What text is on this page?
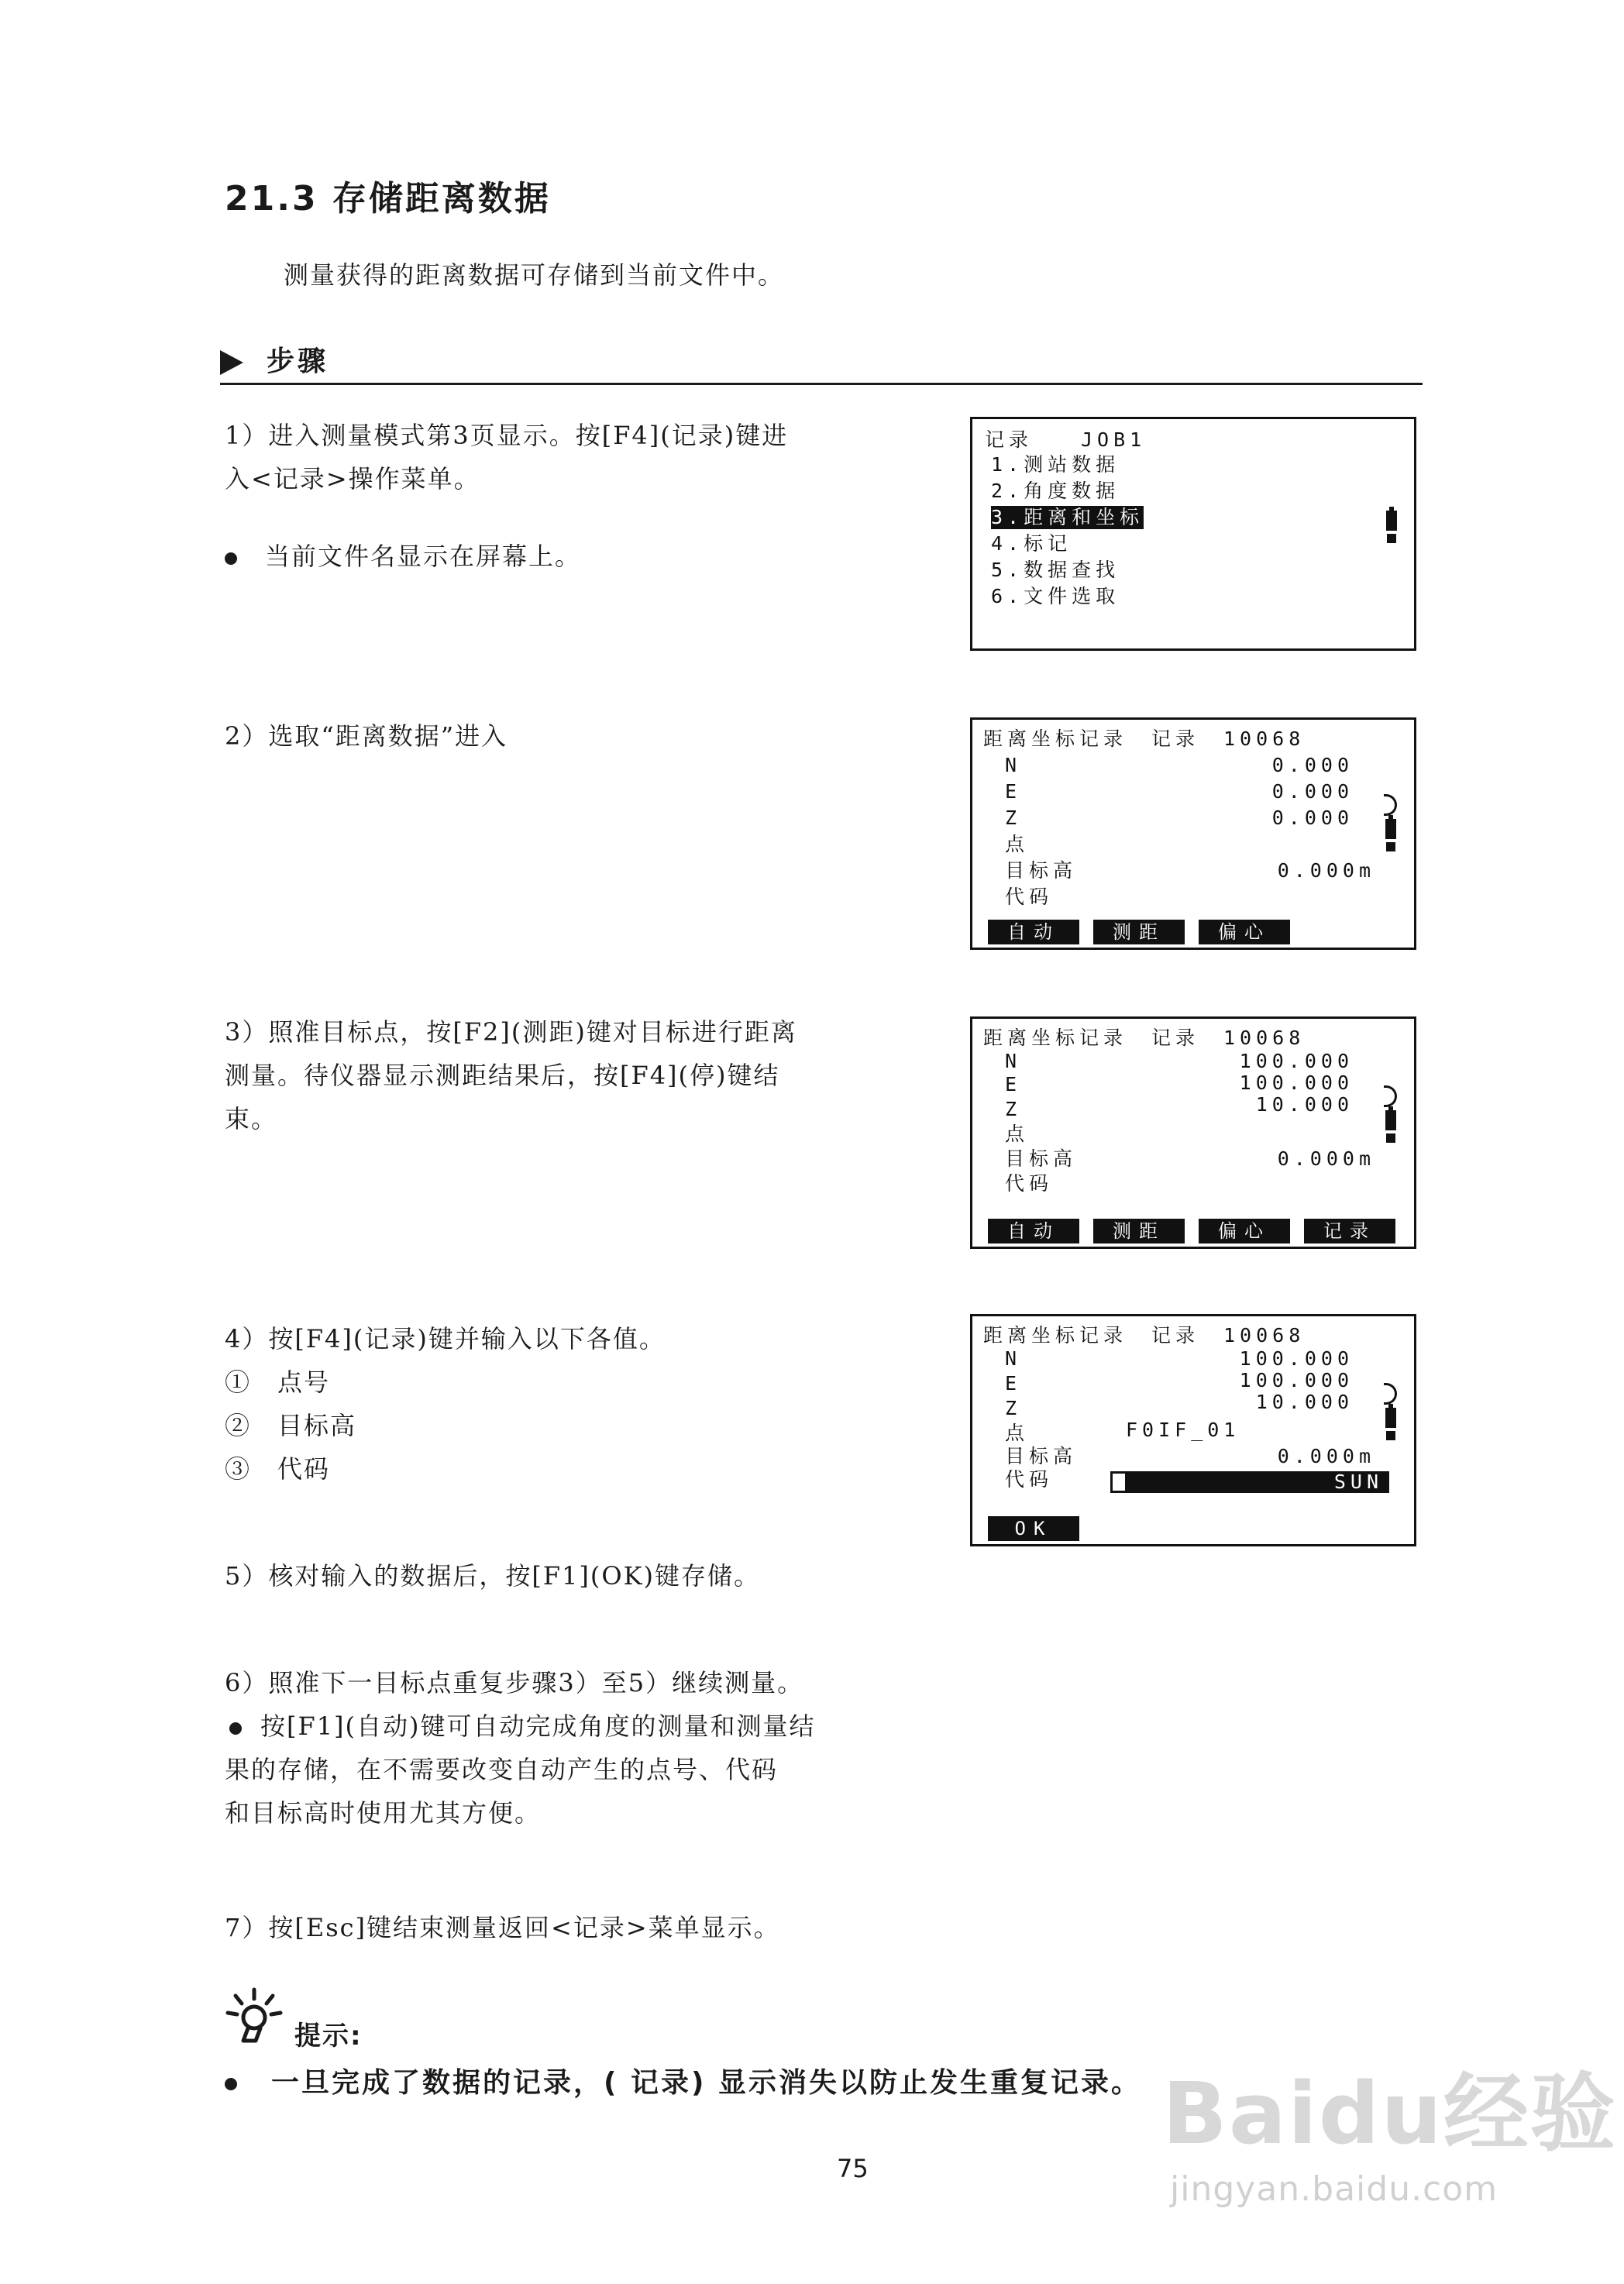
21.3 存储距离数据
测量获得的距离数据可存储到当前文件中。
步骤
1）进入测量模式第3页显示。按[F4](记录)键进
入<记录>操作菜单。
当前文件名显示在屏幕上。
记录　　JOB1
1.测站数据
2.角度数据
3.距离和坐标
4.标记
5.数据查找
6.文件选取
2）选取“距离数据”进入	距离坐标记录　记录　10068
N	0.000
E	0.000
Z	0.000
点
目标高	0.000m
代码
自动	测距	偏心
3）照准目标点，按[F2](测距)键对目标进行距离
测量。待仪器显示测距结果后，按[F4](停)键结
束。
距离坐标记录　记录　10068
N	100.000
E	100.000
Z	10.000
点
目标高	0.000m
代码
自动	测距	偏心	记录
4）按[F4](记录)键并输入以下各值。
①　点号
②　目标高
③　代码
距离坐标记录　记录　10068
N	100.000
E	100.000
Z	10.000
点	F0IF_01
目标高	0.000m
代码	SUN
OK
5）核对输入的数据后，按[F1](OK)键存储。
6）照准下一目标点重复步骤3）至5）继续测量。
按[F1](自动)键可自动完成角度的测量和测量结
果的存储，在不需要改变自动产生的点号、代码
和目标高时使用尤其方便。
7）按[Esc]键结束测量返回<记录>菜单显示。
提示:
一旦完成了数据的记录，( 记录) 显示消失以防止发生重复记录。
75
Baidu经验
jingyan.baidu.com
